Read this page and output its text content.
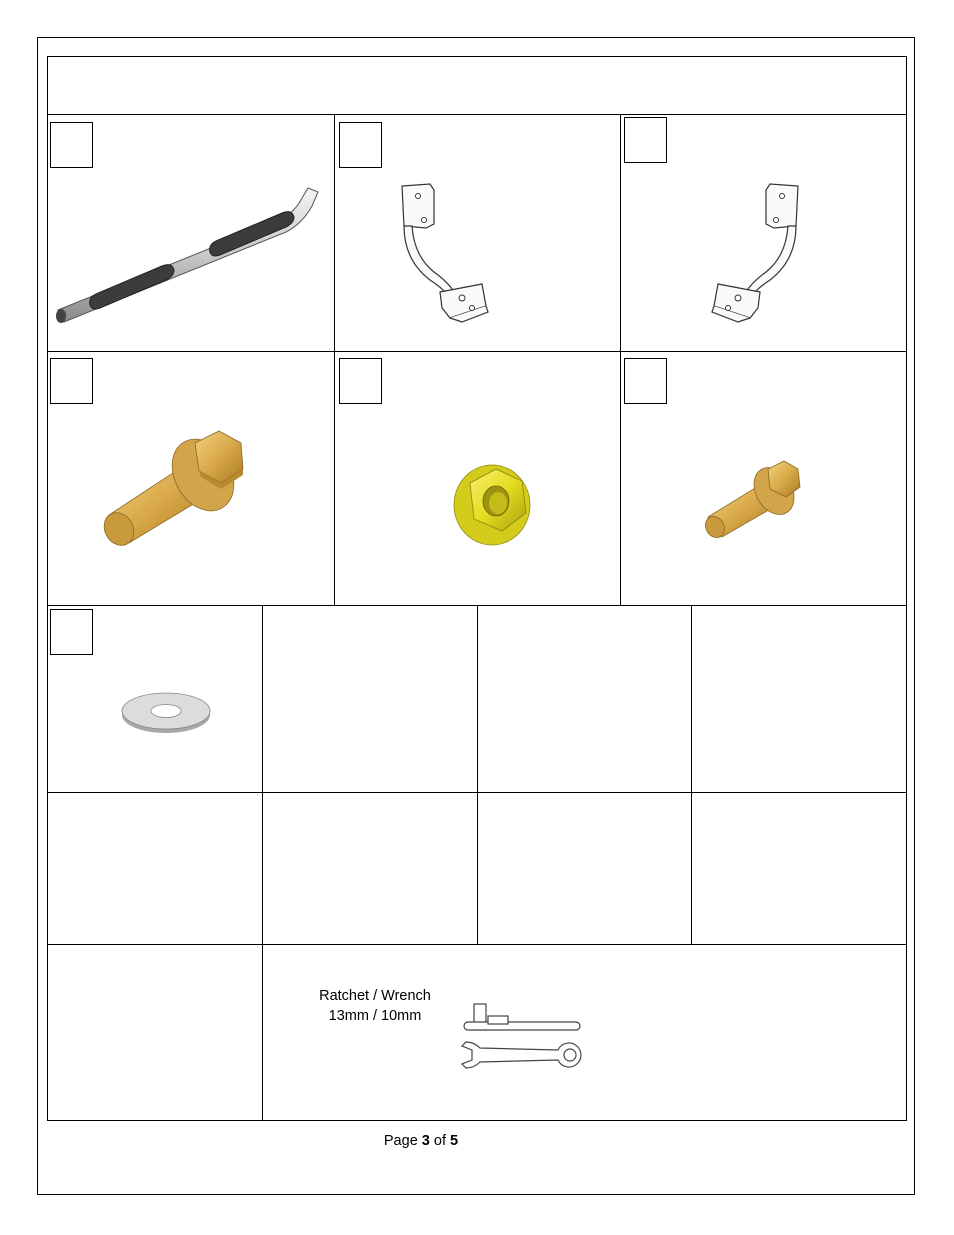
Ratchet / Wrench
13mm / 10mm
Page 3 of 5
